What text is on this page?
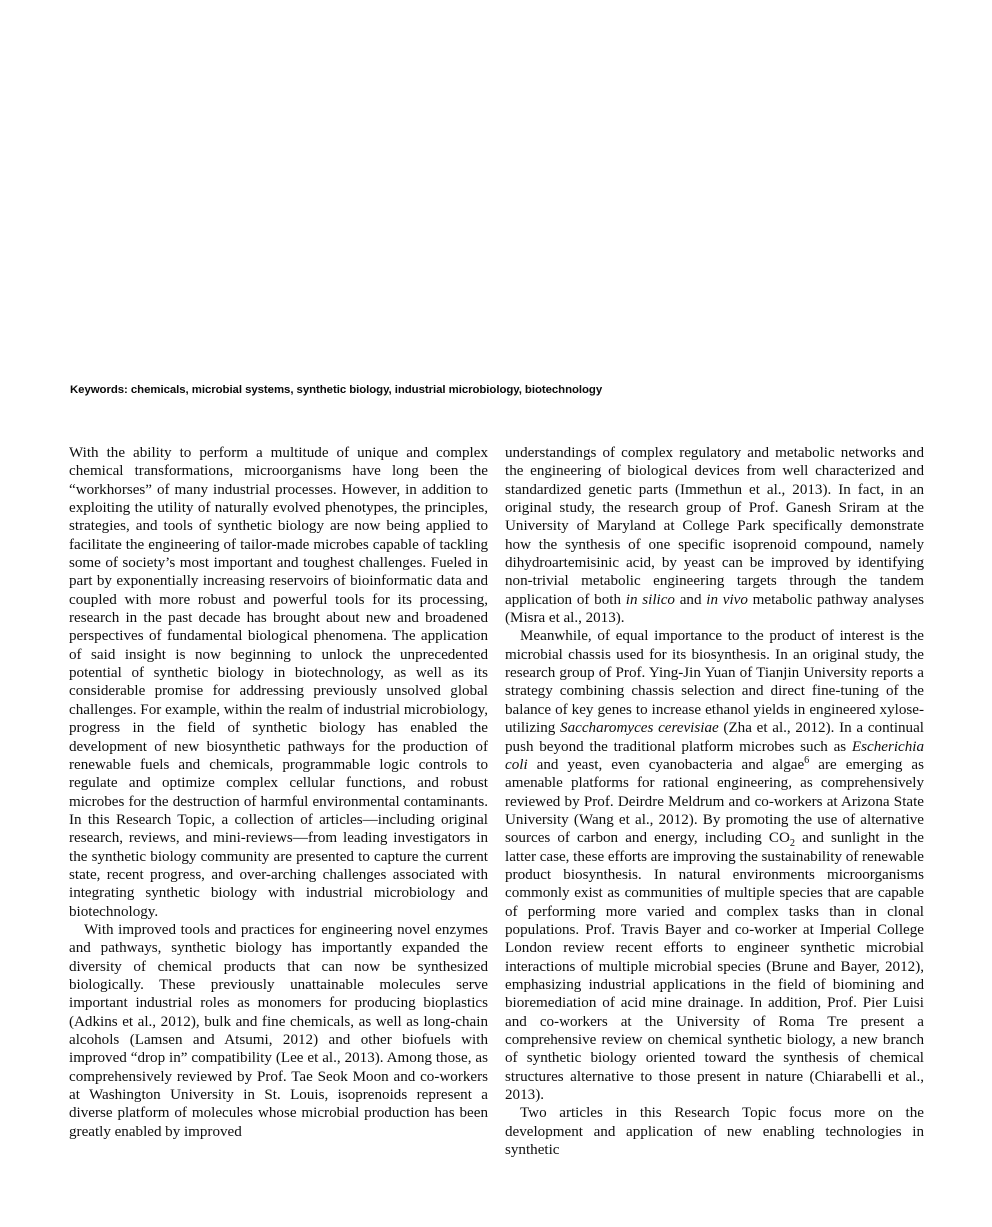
Keywords: chemicals, microbial systems, synthetic biology, industrial microbiology, biotechnology

With the ability to perform a multitude of unique and complex chemical transformations, microorganisms have long been the “workhorses” of many industrial processes. However, in addition to exploiting the utility of naturally evolved phenotypes, the principles, strategies, and tools of synthetic biology are now being applied to facilitate the engineering of tailor-made microbes capable of tackling some of society’s most important and toughest challenges. Fueled in part by exponentially increasing reservoirs of bioinformatic data and coupled with more robust and powerful tools for its processing, research in the past decade has brought about new and broadened perspectives of fundamental biological phenomena. The application of said insight is now beginning to unlock the unprecedented potential of synthetic biology in biotechnology, as well as its considerable promise for addressing previously unsolved global challenges. For example, within the realm of industrial microbiology, progress in the field of synthetic biology has enabled the development of new biosynthetic pathways for the production of renewable fuels and chemicals, programmable logic controls to regulate and optimize complex cellular functions, and robust microbes for the destruction of harmful environmental contaminants. In this Research Topic, a collection of articles—including original research, reviews, and mini-reviews—from leading investigators in the synthetic biology community are presented to capture the current state, recent progress, and over-arching challenges associated with integrating synthetic biology with industrial microbiology and biotechnology.

With improved tools and practices for engineering novel enzymes and pathways, synthetic biology has importantly expanded the diversity of chemical products that can now be synthesized biologically. These previously unattainable molecules serve important industrial roles as monomers for producing bioplastics (Adkins et al., 2012), bulk and fine chemicals, as well as long-chain alcohols (Lamsen and Atsumi, 2012) and other biofuels with improved “drop in” compatibility (Lee et al., 2013). Among those, as comprehensively reviewed by Prof. Tae Seok Moon and co-workers at Washington University in St. Louis, isoprenoids represent a diverse platform of molecules whose microbial production has been greatly enabled by improved

understandings of complex regulatory and metabolic networks and the engineering of biological devices from well characterized and standardized genetic parts (Immethun et al., 2013). In fact, in an original study, the research group of Prof. Ganesh Sriram at the University of Maryland at College Park specifically demonstrate how the synthesis of one specific isoprenoid compound, namely dihydroartemisinic acid, by yeast can be improved by identifying non-trivial metabolic engineering targets through the tandem application of both in silico and in vivo metabolic pathway analyses (Misra et al., 2013).

Meanwhile, of equal importance to the product of interest is the microbial chassis used for its biosynthesis. In an original study, the research group of Prof. Ying-Jin Yuan of Tianjin University reports a strategy combining chassis selection and direct fine-tuning of the balance of key genes to increase ethanol yields in engineered xylose-utilizing Saccharomyces cerevisiae (Zha et al., 2012). In a continual push beyond the traditional platform microbes such as Escherichia coli and yeast, even cyanobacteria and algae$^6$ are emerging as amenable platforms for rational engineering, as comprehensively reviewed by Prof. Deirdre Meldrum and co-workers at Arizona State University (Wang et al., 2012). By promoting the use of alternative sources of carbon and energy, including $CO_2$ and sunlight in the latter case, these efforts are improving the sustainability of renewable product biosynthesis. In natural environments microorganisms commonly exist as communities of multiple species that are capable of performing more varied and complex tasks than in clonal populations. Prof. Travis Bayer and co-worker at Imperial College London review recent efforts to engineer synthetic microbial interactions of multiple microbial species (Brune and Bayer, 2012), emphasizing industrial applications in the field of biomining and bioremediation of acid mine drainage. In addition, Prof. Pier Luisi and co-workers at the University of Roma Tre present a comprehensive review on chemical synthetic biology, a new branch of synthetic biology oriented toward the synthesis of chemical structures alternative to those present in nature (Chiarabelli et al., 2013).

Two articles in this Research Topic focus more on the development and application of new enabling technologies in synthetic
